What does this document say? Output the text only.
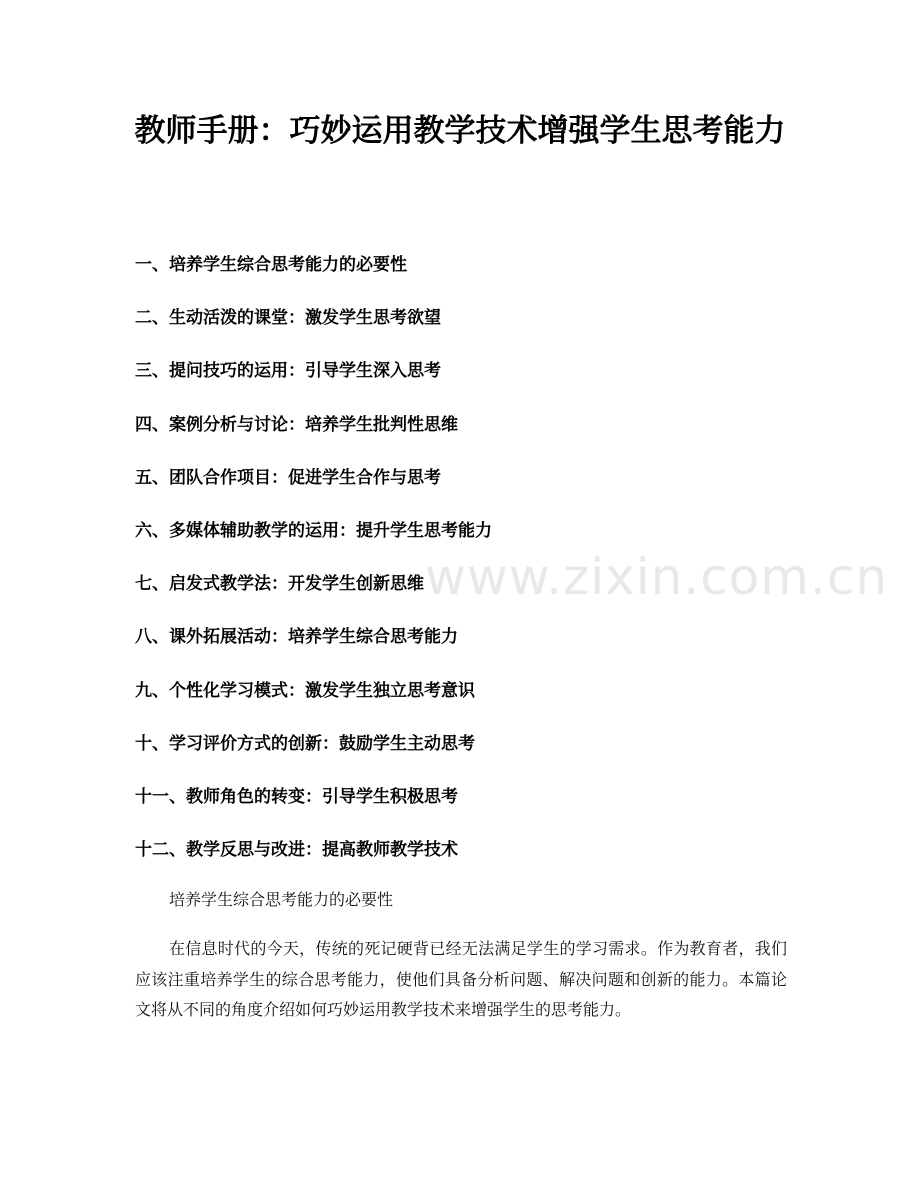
www.zixin.com.cn
教师手册：巧妙运用教学技术增强学生思考能力
一、培养学生综合思考能力的必要性
二、生动活泼的课堂：激发学生思考欲望
三、提问技巧的运用：引导学生深入思考
四、案例分析与讨论：培养学生批判性思维
五、团队合作项目：促进学生合作与思考
六、多媒体辅助教学的运用：提升学生思考能力
七、启发式教学法：开发学生创新思维
八、课外拓展活动：培养学生综合思考能力
九、个性化学习模式：激发学生独立思考意识
十、学习评价方式的创新：鼓励学生主动思考
十一、教师角色的转变：引导学生积极思考
十二、教学反思与改进：提高教师教学技术

培养学生综合思考能力的必要性

在信息时代的今天，传统的死记硬背已经无法满足学生的学习需求。作为教育者，我们应该注重培养学生的综合思考能力，使他们具备分析问题、解决问题和创新的能力。本篇论文将从不同的角度介绍如何巧妙运用教学技术来增强学生的思考能力。
